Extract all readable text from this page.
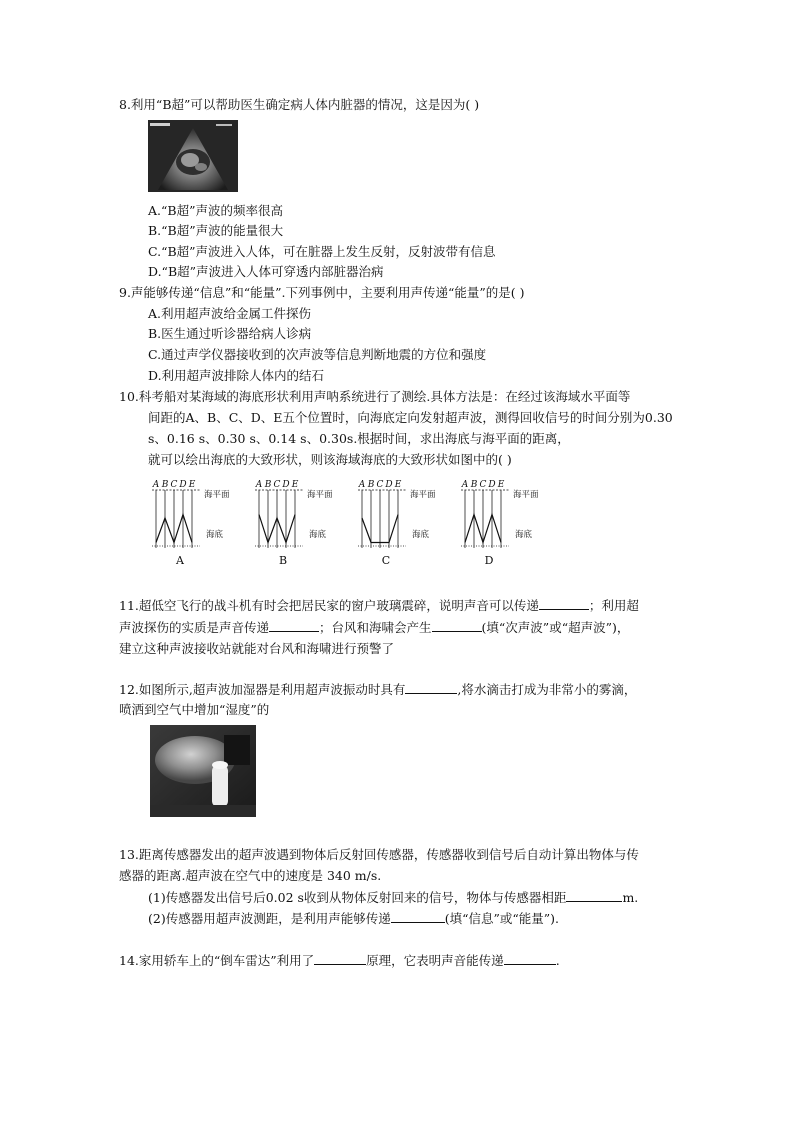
8.利用“B超”可以帮助医生确定病人体内脏器的情况，这是因为( )
A.“B超”声波的频率很高
B.“B超”声波的能量很大
C.“B超”声波进入人体，可在脏器上发生反射，反射波带有信息
D.“B超”声波进入人体可穿透内部脏器治病
9.声能够传递“信息”和“能量”.下列事例中，主要利用声传递“能量”的是( )
A.利用超声波给金属工件探伤
B.医生通过听诊器给病人诊病
C.通过声学仪器接收到的次声波等信息判断地震的方位和强度
D.利用超声波排除人体内的结石
10.科考船对某海域的海底形状利用声呐系统进行了测绘.具体方法是：在经过该海域水平面等
间距的A、B、C、D、E五个位置时，向海底定向发射超声波，测得回收信号的时间分别为0.30
s、0.16 s、0.30 s、0.14 s、0.30s.根据时间，求出海底与海平面的距离，
就可以绘出海底的大致形状，则该海域海底的大致形状如图中的( )
A B C D E
海平面
海底
A
A B C D E
海平面
海底
B
A B C D E
海平面
海底
C
A B C D E
海平面
海底
D
11.超低空飞行的战斗机有时会把居民家的窗户玻璃震碎，说明声音可以传递	；利用超
声波探伤的实质是声音传递	；台风和海啸会产生	(填“次声波”或“超声波”)，
建立这种声波接收站就能对台风和海啸进行预警了
12.如图所示,超声波加湿器是利用超声波振动时具有	,将水滴击打成为非常小的雾滴，
喷洒到空气中增加“湿度”的
13.距离传感器发出的超声波遇到物体后反射回传感器，传感器收到信号后自动计算出物体与传
感器的距离.超声波在空气中的速度是 340 m/s.
(1)传感器发出信号后0.02 s收到从物体反射回来的信号，物体与传感器相距	m.
(2)传感器用超声波测距，是利用声能够传递	(填“信息”或“能量”).
14.家用轿车上的“倒车雷达”利用了	原理，它表明声音能传递	.
